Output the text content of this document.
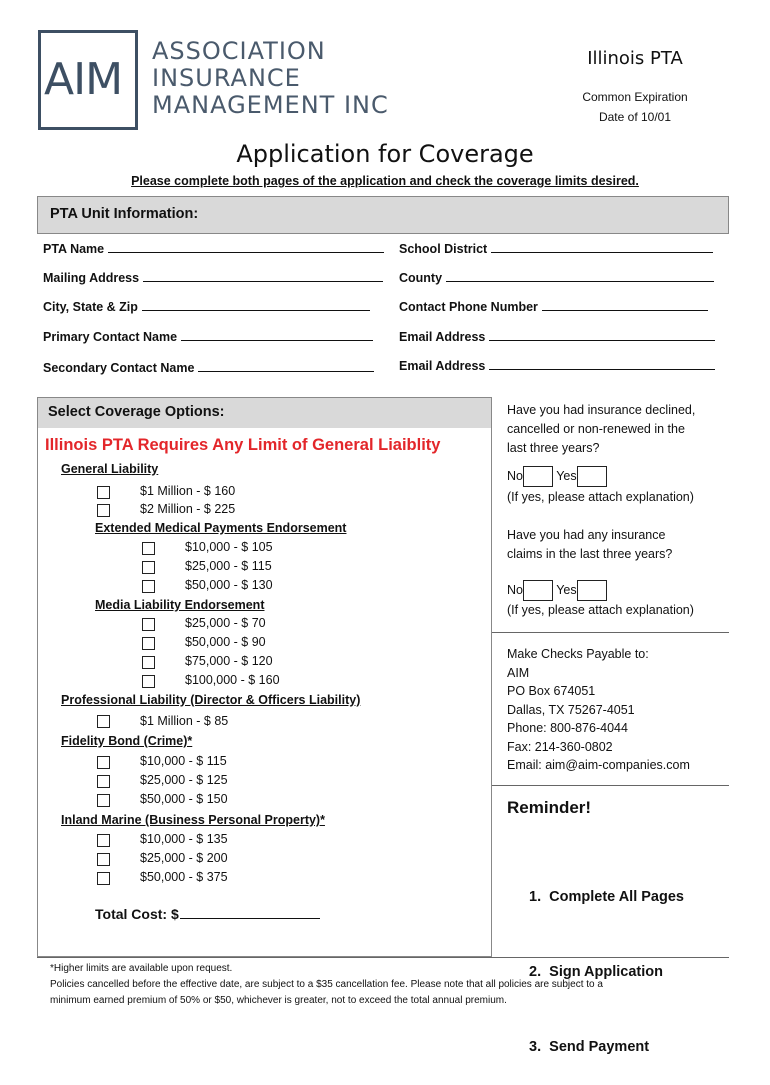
AIM
ASSOCIATION
INSURANCE
MANAGEMENT INC
Illinois PTA
Common Expiration
Date of 10/01
Application for Coverage
Please complete both pages of the application and check the coverage limits desired.
PTA Unit Information:
PTA Name	School District
Mailing Address	County
City, State & Zip	Contact Phone Number
Primary Contact Name	Email Address
Secondary Contact Name	Email Address
Select Coverage Options:
Illinois PTA Requires Any Limit of General Liaiblity
General Liability
$1 Million - $ 160
$2 Million - $ 225
Extended Medical Payments Endorsement
$10,000 - $ 105
$25,000 - $ 115
$50,000 - $ 130
Media Liability Endorsement
$25,000 - $ 70
$50,000 - $ 90
$75,000 - $ 120
$100,000 - $ 160
Professional Liability (Director & Officers Liability)
$1 Million - $ 85
Fidelity Bond (Crime)*
$10,000 - $ 115
$25,000 - $ 125
$50,000 - $ 150
Inland Marine (Business Personal Property)*
$10,000 - $ 135
$25,000 - $ 200
$50,000 - $ 375
Total Cost: $
Have you had insurance declined,
cancelled or non-renewed in the
last three years?
No	Yes
(If yes, please attach explanation)
Have you had any insurance
claims in the last three years?
No	Yes
(If yes, please attach explanation)
Make Checks Payable to:
AIM
PO Box 674051
Dallas, TX 75267-4051
Phone: 800-876-4044
Fax: 214-360-0802
Email: aim@aim-companies.com
Reminder!

1.  Complete All Pages

2.  Sign Application

3.  Send Payment

*Higher limits are available upon request.
Policies cancelled before the effective date, are subject to a $35 cancellation fee. Please note that all policies are subject to a
minimum earned premium of 50% or $50, whichever is greater, not to exceed the total annual premium.
